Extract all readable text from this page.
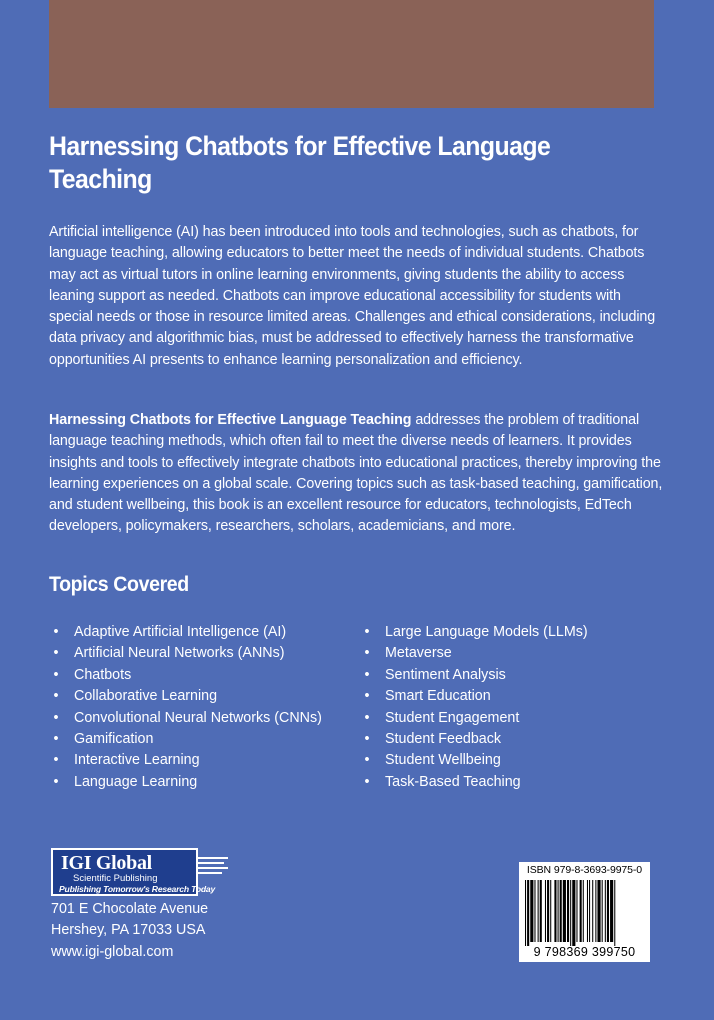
Harnessing Chatbots for Effective Language Teaching

Artificial intelligence (AI) has been introduced into tools and technologies, such as chatbots, for language teaching, allowing educators to better meet the needs of individual students. Chatbots may act as virtual tutors in online learning environments, giving students the ability to access leaning support as needed. Chatbots can improve educational accessibility for students with special needs or those in resource limited areas. Challenges and ethical considerations, including data privacy and algorithmic bias, must be addressed to effectively harness the transformative opportunities AI presents to enhance learning personalization and efficiency.

Harnessing Chatbots for Effective Language Teaching addresses the problem of traditional language teaching methods, which often fail to meet the diverse needs of learners. It provides insights and tools to effectively integrate chatbots into educational practices, thereby improving the learning experiences on a global scale. Covering topics such as task-based teaching, gamification, and student wellbeing, this book is an excellent resource for educators, technologists, EdTech developers, policymakers, researchers, scholars, academicians, and more.

Topics Covered
•	Adaptive Artificial Intelligence (AI)
•	Artificial Neural Networks (ANNs)
•	Chatbots
•	Collaborative Learning
•	Convolutional Neural Networks (CNNs)
•	Gamification
•	Interactive Learning
•	Language Learning
•	Large Language Models (LLMs)
•	Metaverse
•	Sentiment Analysis
•	Smart Education
•	Student Engagement
•	Student Feedback
•	Student Wellbeing
•	Task-Based Teaching
IGI Global
Scientific Publishing
Publishing Tomorrow's Research Today

701 E Chocolate Avenue
Hershey, PA 17033 USA
www.igi-global.com

ISBN 979-8-3693-9975-0
9 798369 399750
